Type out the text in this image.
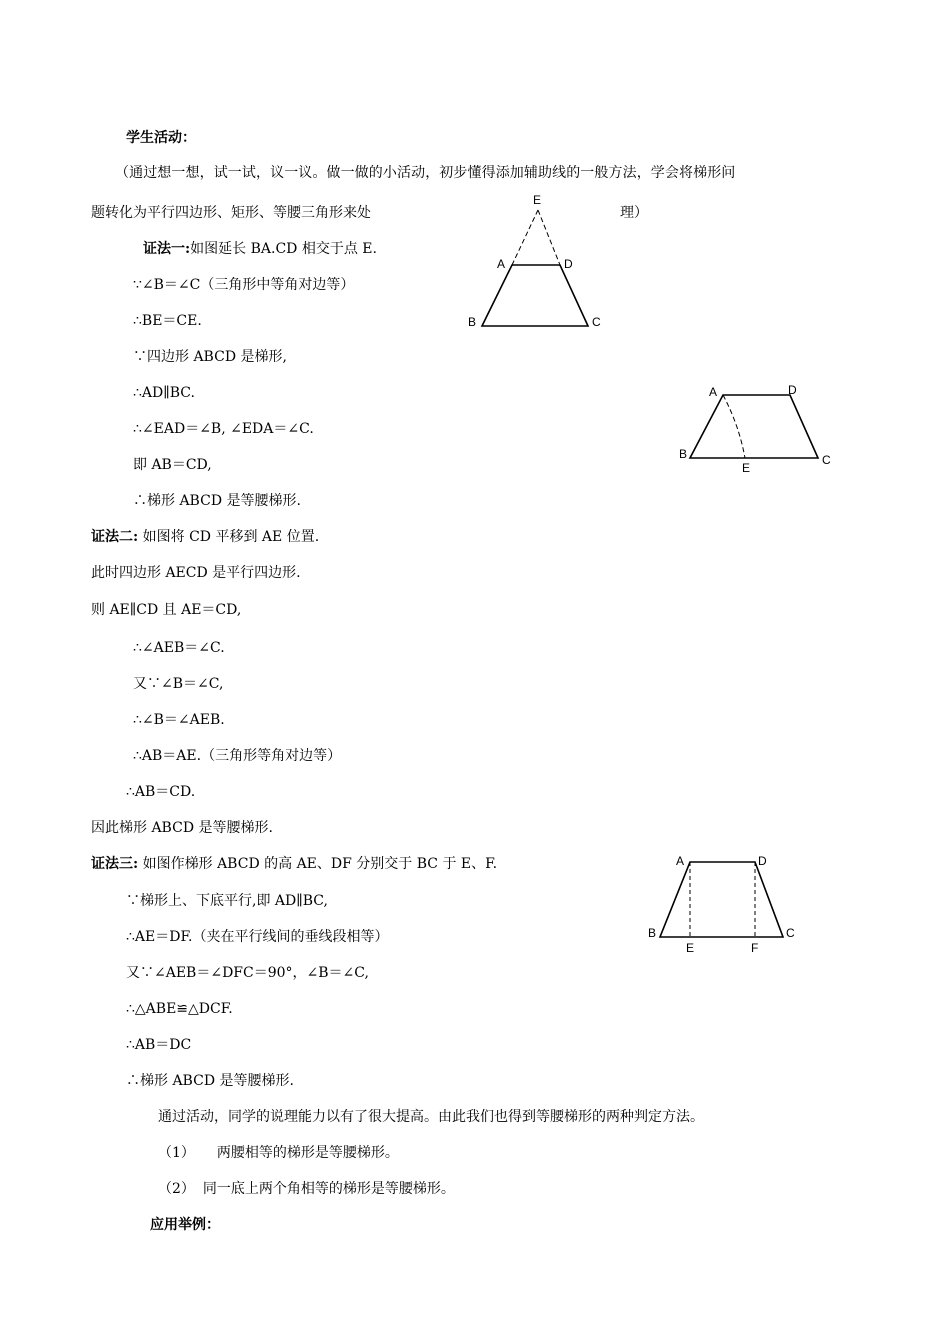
学生活动：
（通过想一想，试一试，议一议。做一做的小活动，初步懂得添加辅助线的一般方法，学会将梯形问
题转化为平行四边形、矩形、等腰三角形来处	理）
证法一:如图延长 BA.CD 相交于点 E.
∵∠B＝∠C（三角形中等角对边等）
∴BE＝CE.
∵四边形 ABCD 是梯形,
∴AD∥BC.
∴∠EAD＝∠B, ∠EDA＝∠C.
即 AB＝CD,
∴梯形 ABCD 是等腰梯形.
证法二: 如图将 CD 平移到 AE 位置.
此时四边形 AECD 是平行四边形.
则 AE∥CD 且 AE＝CD,
∴∠AEB＝∠C.
又∵∠B＝∠C,
∴∠B＝∠AEB.
∴AB＝AE.（三角形等角对边等）
∴AB＝CD.
因此梯形 ABCD 是等腰梯形.
证法三: 如图作梯形 ABCD 的高 AE、DF 分别交于 BC 于 E、F.
∵梯形上、下底平行,即 AD∥BC,
∴AE＝DF.（夹在平行线间的垂线段相等）
又∵∠AEB＝∠DFC＝90°，∠B＝∠C,
∴△ABE≌△DCF.
∴AB＝DC
∴梯形 ABCD 是等腰梯形.
通过活动，同学的说理能力以有了很大提高。由此我们也得到等腰梯形的两种判定方法。
（1） 两腰相等的梯形是等腰梯形。
（2） 同一底上两个角相等的梯形是等腰梯形。
应用举例：
E
A	D
B	C
A	D
B
E
C
A	D
B
E	F
C
